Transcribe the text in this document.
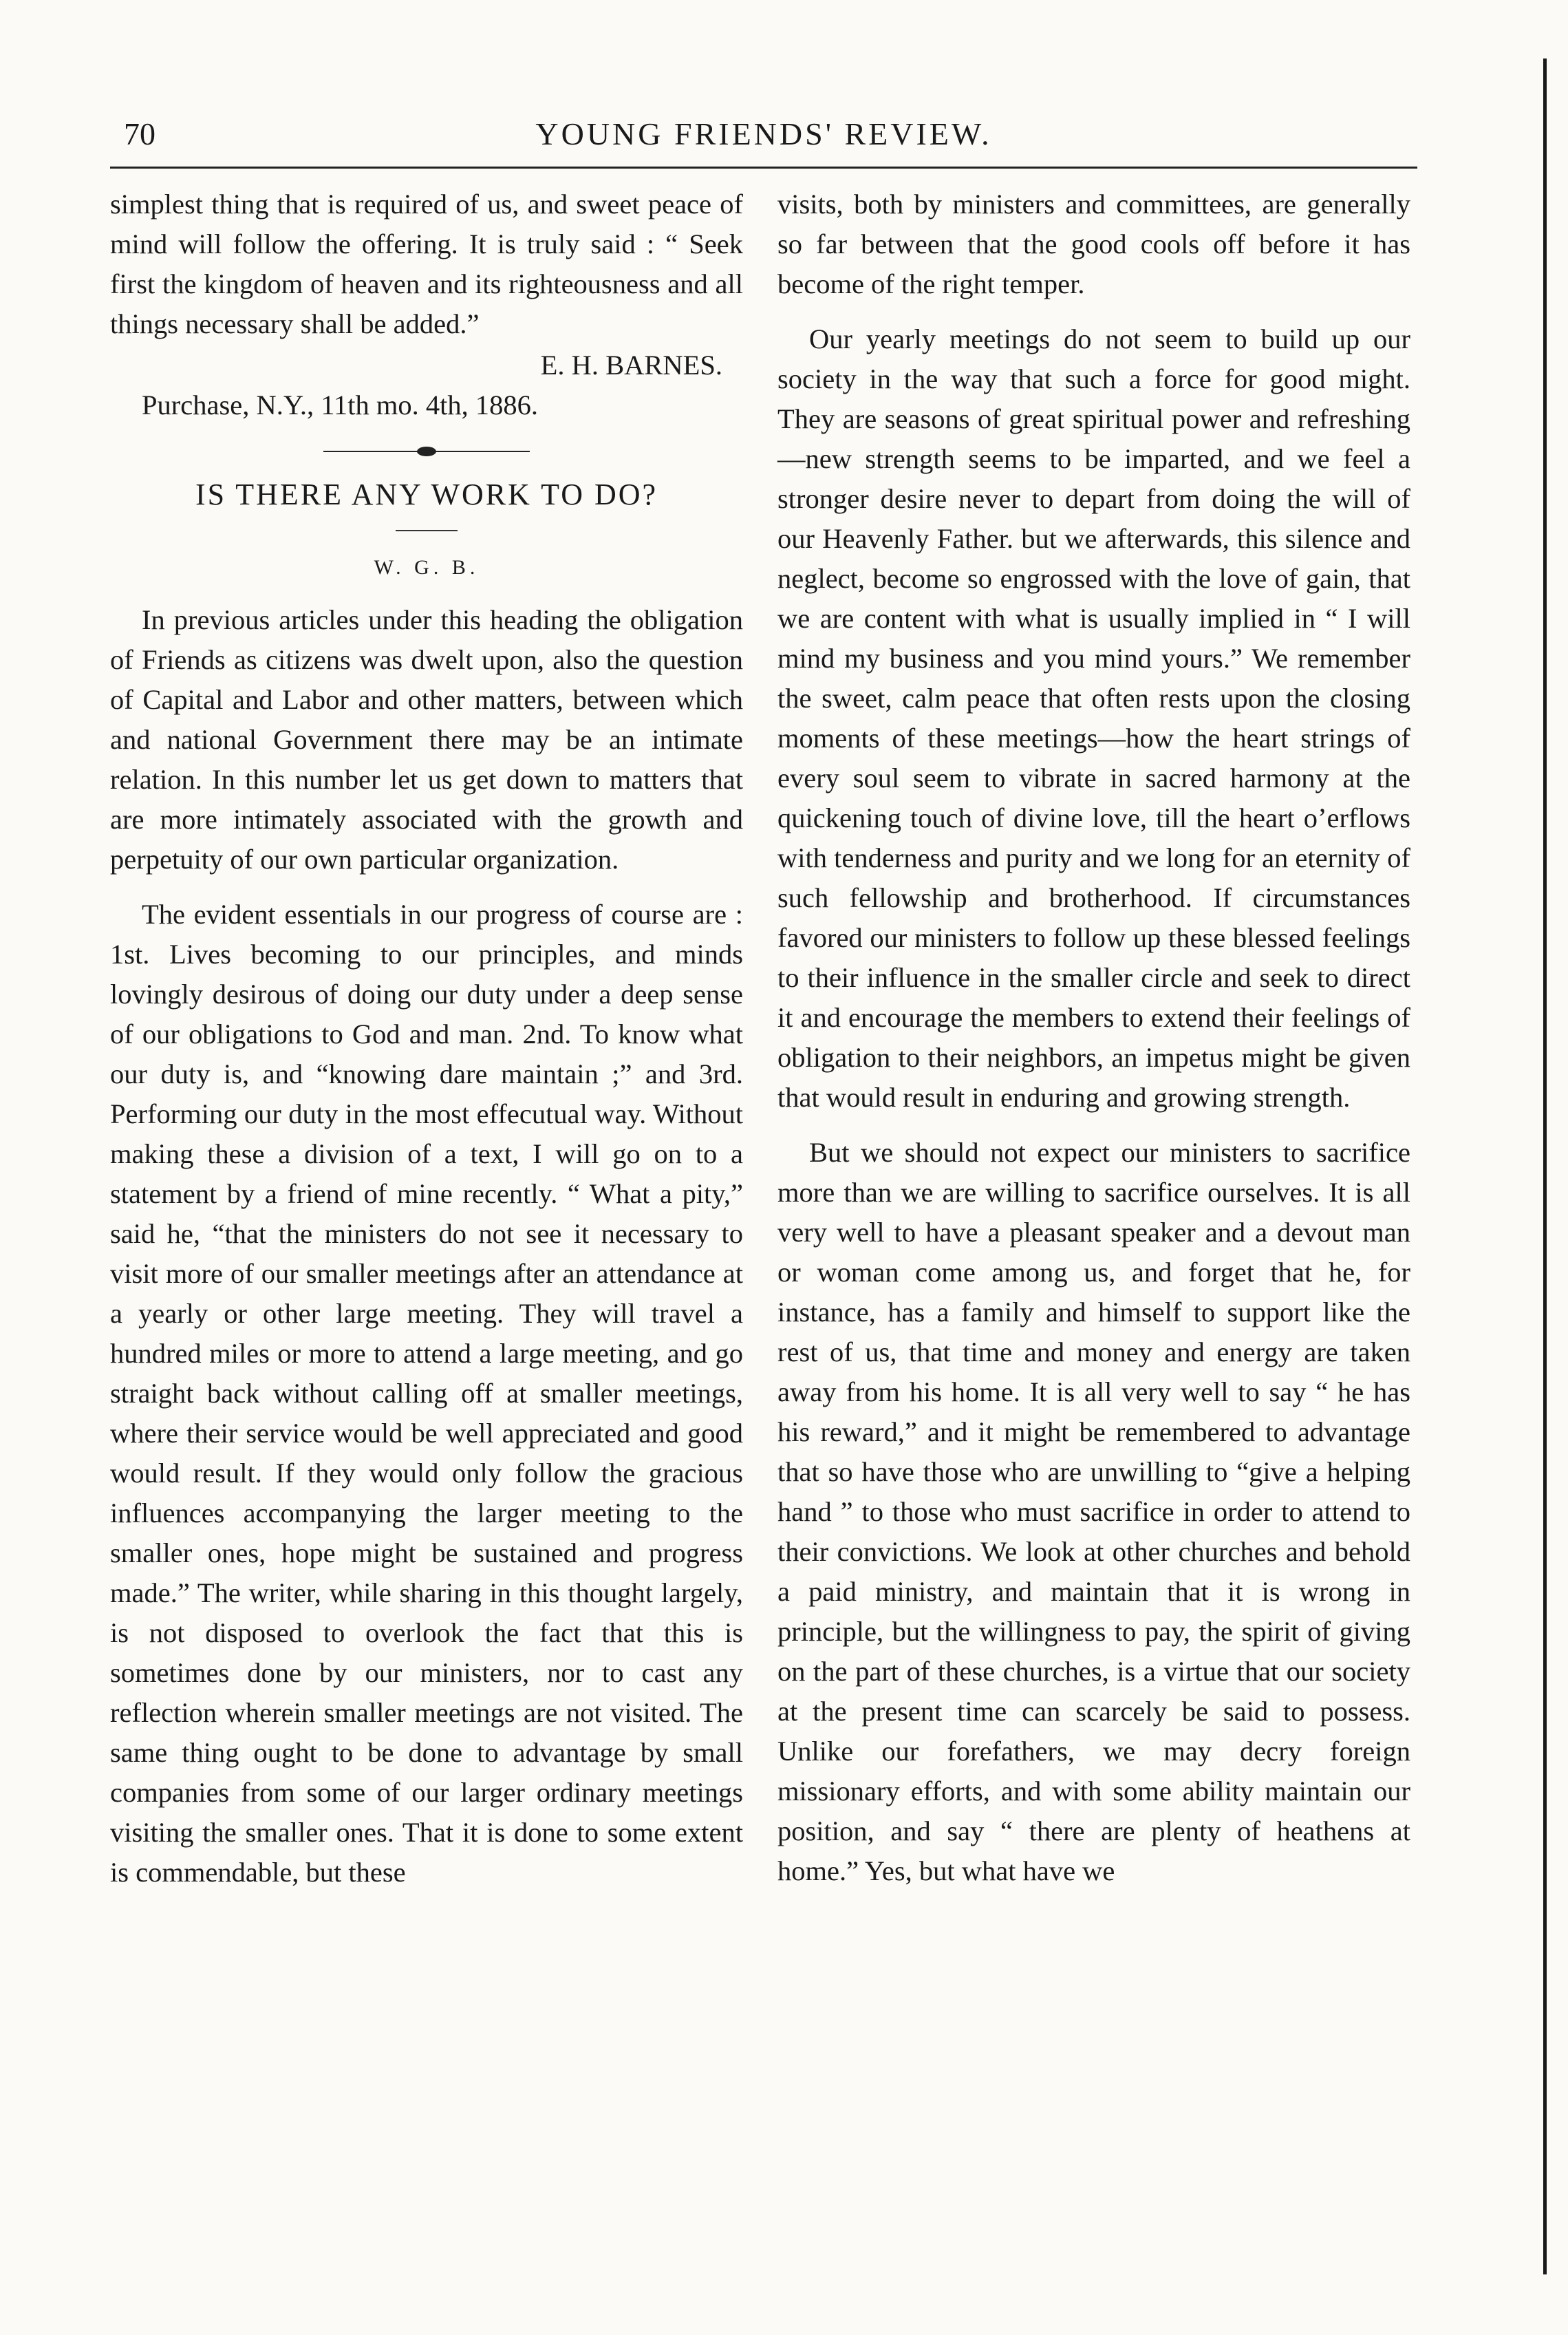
70	YOUNG FRIENDS' REVIEW.

simplest thing that is required of us, and sweet peace of mind will follow the offering. It is truly said : “ Seek first the kingdom of heaven and its righteousness and all things necessary shall be added.”

E. H. BARNES.
Purchase, N.Y., 11th mo. 4th, 1886.
IS THERE ANY WORK TO DO?
W. G. B.

In previous articles under this heading the obligation of Friends as citizens was dwelt upon, also the question of Capital and Labor and other matters, between which and national Government there may be an intimate relation. In this number let us get down to matters that are more intimately associated with the growth and perpetuity of our own particular organization.

The evident essentials in our progress of course are : 1st. Lives becoming to our principles, and minds lovingly desirous of doing our duty under a deep sense of our obligations to God and man. 2nd. To know what our duty is, and “knowing dare maintain ;” and 3rd. Performing our duty in the most effecutual way. Without making these a division of a text, I will go on to a statement by a friend of mine recently. “ What a pity,” said he, “that the ministers do not see it necessary to visit more of our smaller meetings after an attendance at a yearly or other large meeting. They will travel a hundred miles or more to attend a large meeting, and go straight back without calling off at smaller meetings, where their service would be well appreciated and good would result. If they would only follow the gracious influences accompanying the larger meeting to the smaller ones, hope might be sustained and progress made.” The writer, while sharing in this thought largely, is not disposed to overlook the fact that this is sometimes done by our ministers, nor to cast any reflection wherein smaller meetings are not visited. The same thing ought to be done to advantage by small companies from some of our larger ordinary meetings visiting the smaller ones. That it is done to some extent is commendable, but these

visits, both by ministers and committees, are generally so far between that the good cools off before it has become of the right temper.

Our yearly meetings do not seem to build up our society in the way that such a force for good might. They are seasons of great spiritual power and refreshing—new strength seems to be imparted, and we feel a stronger desire never to depart from doing the will of our Heavenly Father. but we afterwards, this silence and neglect, become so engrossed with the love of gain, that we are content with what is usually implied in “ I will mind my business and you mind yours.” We remember the sweet, calm peace that often rests upon the closing moments of these meetings—how the heart strings of every soul seem to vibrate in sacred harmony at the quickening touch of divine love, till the heart o’erflows with tenderness and purity and we long for an eternity of such fellowship and brotherhood. If circumstances favored our ministers to follow up these blessed feelings to their influence in the smaller circle and seek to direct it and encourage the members to extend their feelings of obligation to their neighbors, an impetus might be given that would result in enduring and growing strength.

But we should not expect our ministers to sacrifice more than we are willing to sacrifice ourselves. It is all very well to have a pleasant speaker and a devout man or woman come among us, and forget that he, for instance, has a family and himself to support like the rest of us, that time and money and energy are taken away from his home. It is all very well to say “ he has his reward,” and it might be remembered to advantage that so have those who are unwilling to “give a helping hand ” to those who must sacrifice in order to attend to their convictions. We look at other churches and behold a paid ministry, and maintain that it is wrong in principle, but the willingness to pay, the spirit of giving on the part of these churches, is a virtue that our society at the present time can scarcely be said to possess. Unlike our forefathers, we may decry foreign missionary efforts, and with some ability maintain our position, and say “ there are plenty of heathens at home.” Yes, but what have we
